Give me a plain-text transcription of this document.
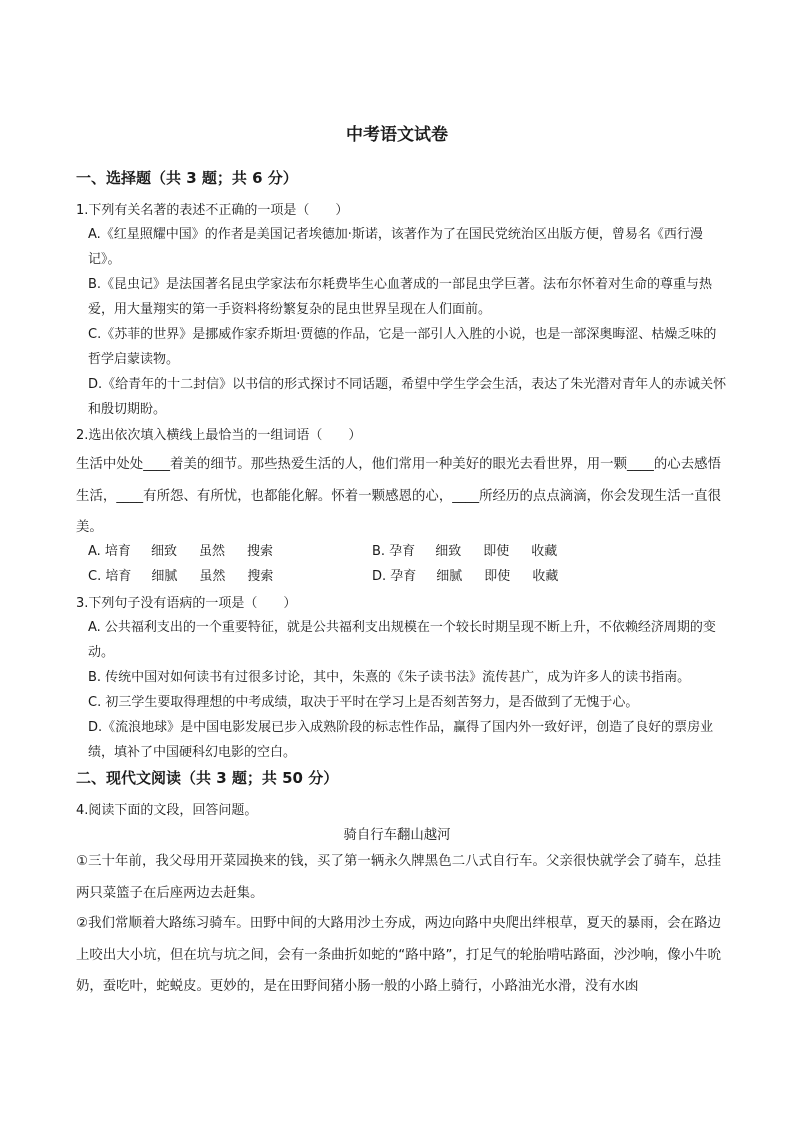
中考语文试卷
一、选择题（共 3 题；共 6 分）
1.下列有关名著的表述不正确的一项是（　　）
A.《红星照耀中国》的作者是美国记者埃德加·斯诺，该著作为了在国民党统治区出版方便，曾易名《西行漫记》。
B.《昆虫记》是法国著名昆虫学家法布尔耗费毕生心血著成的一部昆虫学巨著。法布尔怀着对生命的尊重与热爱，用大量翔实的第一手资料将纷繁复杂的昆虫世界呈现在人们面前。
C.《苏菲的世界》是挪威作家乔斯坦·贾德的作品，它是一部引人入胜的小说，也是一部深奥晦涩、枯燥乏味的哲学启蒙读物。
D.《给青年的十二封信》以书信的形式探讨不同话题，希望中学生学会生活，表达了朱光潜对青年人的赤诚关怀和殷切期盼。
2.选出依次填入横线上最恰当的一组词语（　　）
生活中处处____着美的细节。那些热爱生活的人，他们常用一种美好的眼光去看世界，用一颗____的心去感悟生活，____有所怨、有所忧，也都能化解。怀着一颗感恩的心，____所经历的点点滴滴，你会发现生活一直很美。
A. 培育 细致 虽然 搜索	B. 孕育 细致 即使 收藏
C. 培育 细腻 虽然 搜索	D. 孕育 细腻 即使 收藏
3.下列句子没有语病的一项是（　　）
A. 公共福利支出的一个重要特征，就是公共福利支出规模在一个较长时期呈现不断上升，不依赖经济周期的变动。
B. 传统中国对如何读书有过很多讨论，其中，朱熹的《朱子读书法》流传甚广，成为许多人的读书指南。
C. 初三学生要取得理想的中考成绩，取决于平时在学习上是否刻苦努力，是否做到了无愧于心。
D.《流浪地球》是中国电影发展已步入成熟阶段的标志性作品，赢得了国内外一致好评，创造了良好的票房业绩，填补了中国硬科幻电影的空白。
二、现代文阅读（共 3 题；共 50 分）
4.阅读下面的文段，回答问题。
骑自行车翻山越河
①三十年前，我父母用开菜园换来的钱，买了第一辆永久牌黑色二八式自行车。父亲很快就学会了骑车，总挂两只菜篮子在后座两边去赶集。
②我们常顺着大路练习骑车。田野中间的大路用沙土夯成，两边向路中央爬出绊根草，夏天的暴雨，会在路边上咬出大小坑，但在坑与坑之间，会有一条曲折如蛇的“路中路”，打足气的轮胎啃咕路面，沙沙响，像小牛吮奶，蚕吃叶，蛇蜕皮。更妙的，是在田野间猪小肠一般的小路上骑行，小路油光水滑，没有水凼
